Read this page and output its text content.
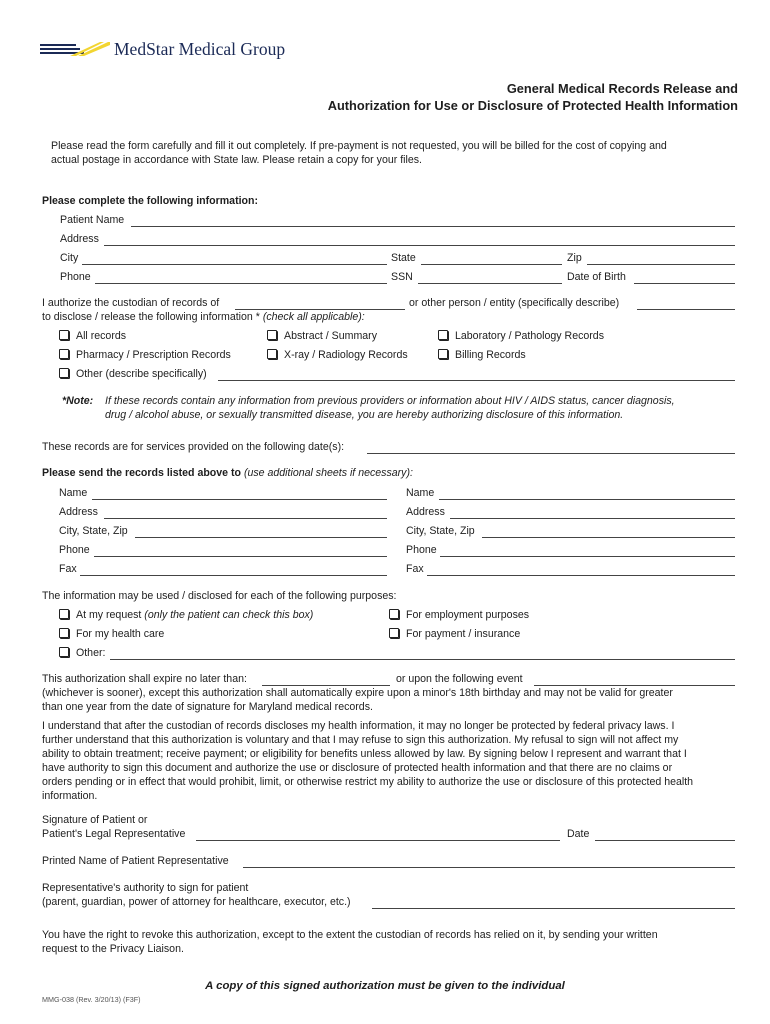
MedStar Medical Group
General Medical Records Release and
Authorization for Use or Disclosure of Protected Health Information
Please read the form carefully and fill it out completely. If pre-payment is not requested, you will be billed for the cost of copying and
actual postage in accordance with State law. Please retain a copy for your files.
Please complete the following information:
Patient Name
Address
City	State	Zip
Phone	SSN	Date of Birth
I authorize the custodian of records of	or other person / entity (specifically describe)
to disclose / release the following information * (check all applicable):
All records	Abstract / Summary	Laboratory / Pathology Records
Pharmacy / Prescription Records	X-ray / Radiology Records	Billing Records
Other (describe specifically)
*Note: If these records contain any information from previous providers or information about HIV / AIDS status, cancer diagnosis,
drug / alcohol abuse, or sexually transmitted disease, you are hereby authorizing disclosure of this information.
These records are for services provided on the following date(s):
Please send the records listed above to (use additional sheets if necessary):
Name	Name
Address	Address
City, State, Zip	City, State, Zip
Phone	Phone
Fax	Fax
The information may be used / disclosed for each of the following purposes:
At my request (only the patient can check this box)	For employment purposes
For my health care	For payment / insurance
Other:
This authorization shall expire no later than:	or upon the following event
(whichever is sooner), except this authorization shall automatically expire upon a minor's 18th birthday and may not be valid for greater
than one year from the date of signature for Maryland medical records.
I understand that after the custodian of records discloses my health information, it may no longer be protected by federal privacy laws. I
further understand that this authorization is voluntary and that I may refuse to sign this authorization. My refusal to sign will not affect my
ability to obtain treatment; receive payment; or eligibility for benefits unless allowed by law. By signing below I represent and warrant that I
have authority to sign this document and authorize the use or disclosure of protected health information and that there are no claims or
orders pending or in effect that would prohibit, limit, or otherwise restrict my ability to authorize the use or disclosure of this protected health
information.
Signature of Patient or
Patient's Legal Representative	Date
Printed Name of Patient Representative
Representative's authority to sign for patient
(parent, guardian, power of attorney for healthcare, executor, etc.)
You have the right to revoke this authorization, except to the extent the custodian of records has relied on it, by sending your written
request to the Privacy Liaison.
A copy of this signed authorization must be given to the individual
MMG-038 (Rev. 3/20/13) (F3F)
